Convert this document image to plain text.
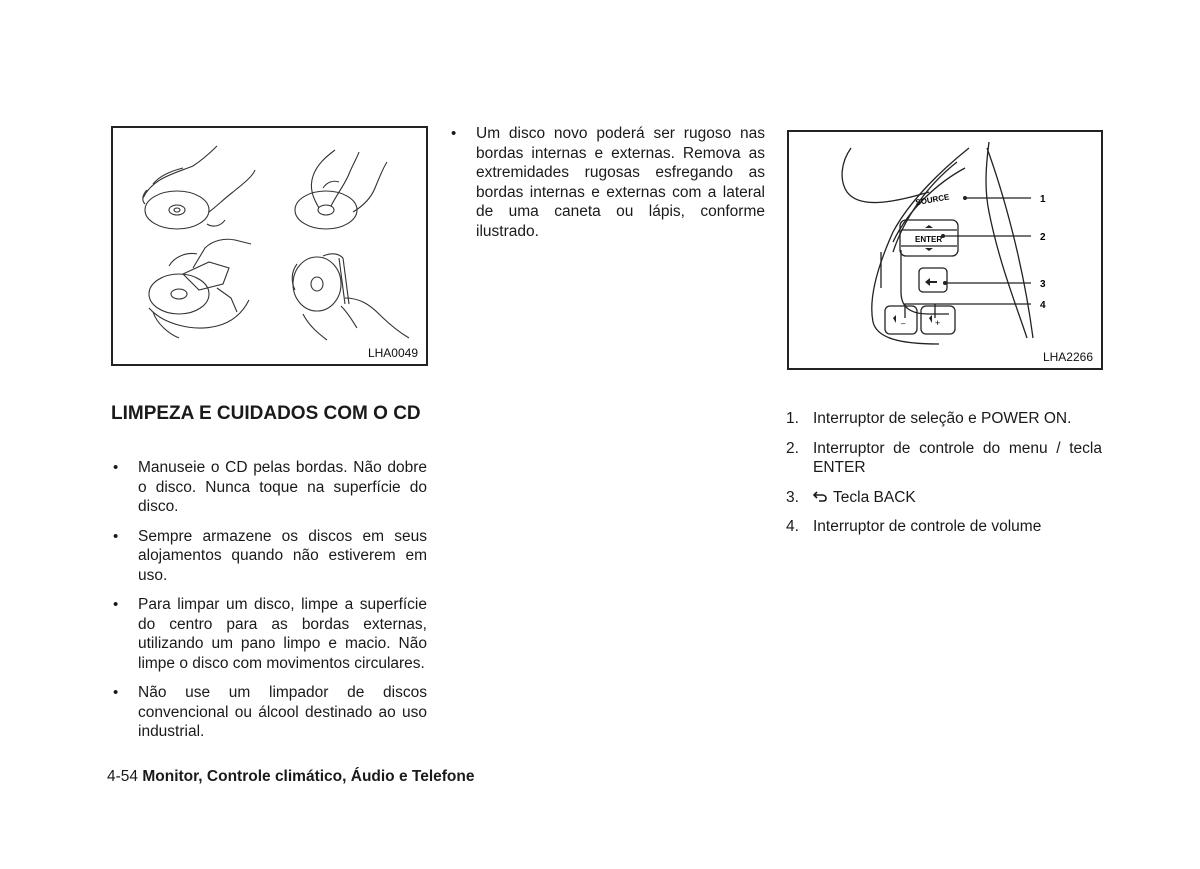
LHA0049
• Um disco novo poderá ser rugoso nas bordas internas e externas. Remova as extremidades rugosas esfregando as bordas internas e externas com a lateral de uma caneta ou lápis, conforme ilustrado.
SOURCE
ENTER
–	+
1
2
3
4
LHA2266
LIMPEZA E CUIDADOS COM O CD
• Manuseie o CD pelas bordas. Não dobre o disco. Nunca toque na superfície do disco.
• Sempre armazene os discos em seus alojamentos quando não estiverem em uso.
• Para limpar um disco, limpe a superfície do centro para as bordas externas, utilizando um pano limpo e macio. Não limpe o disco com movimentos circulares.
• Não use um limpador de discos convencional ou álcool destinado ao uso industrial.
1. Interruptor de seleção e POWER ON.
2. Interruptor de controle do menu / tecla ENTER
3. Tecla BACK
4. Interruptor de controle de volume
4-54 Monitor, Controle climático, Áudio e Telefone
